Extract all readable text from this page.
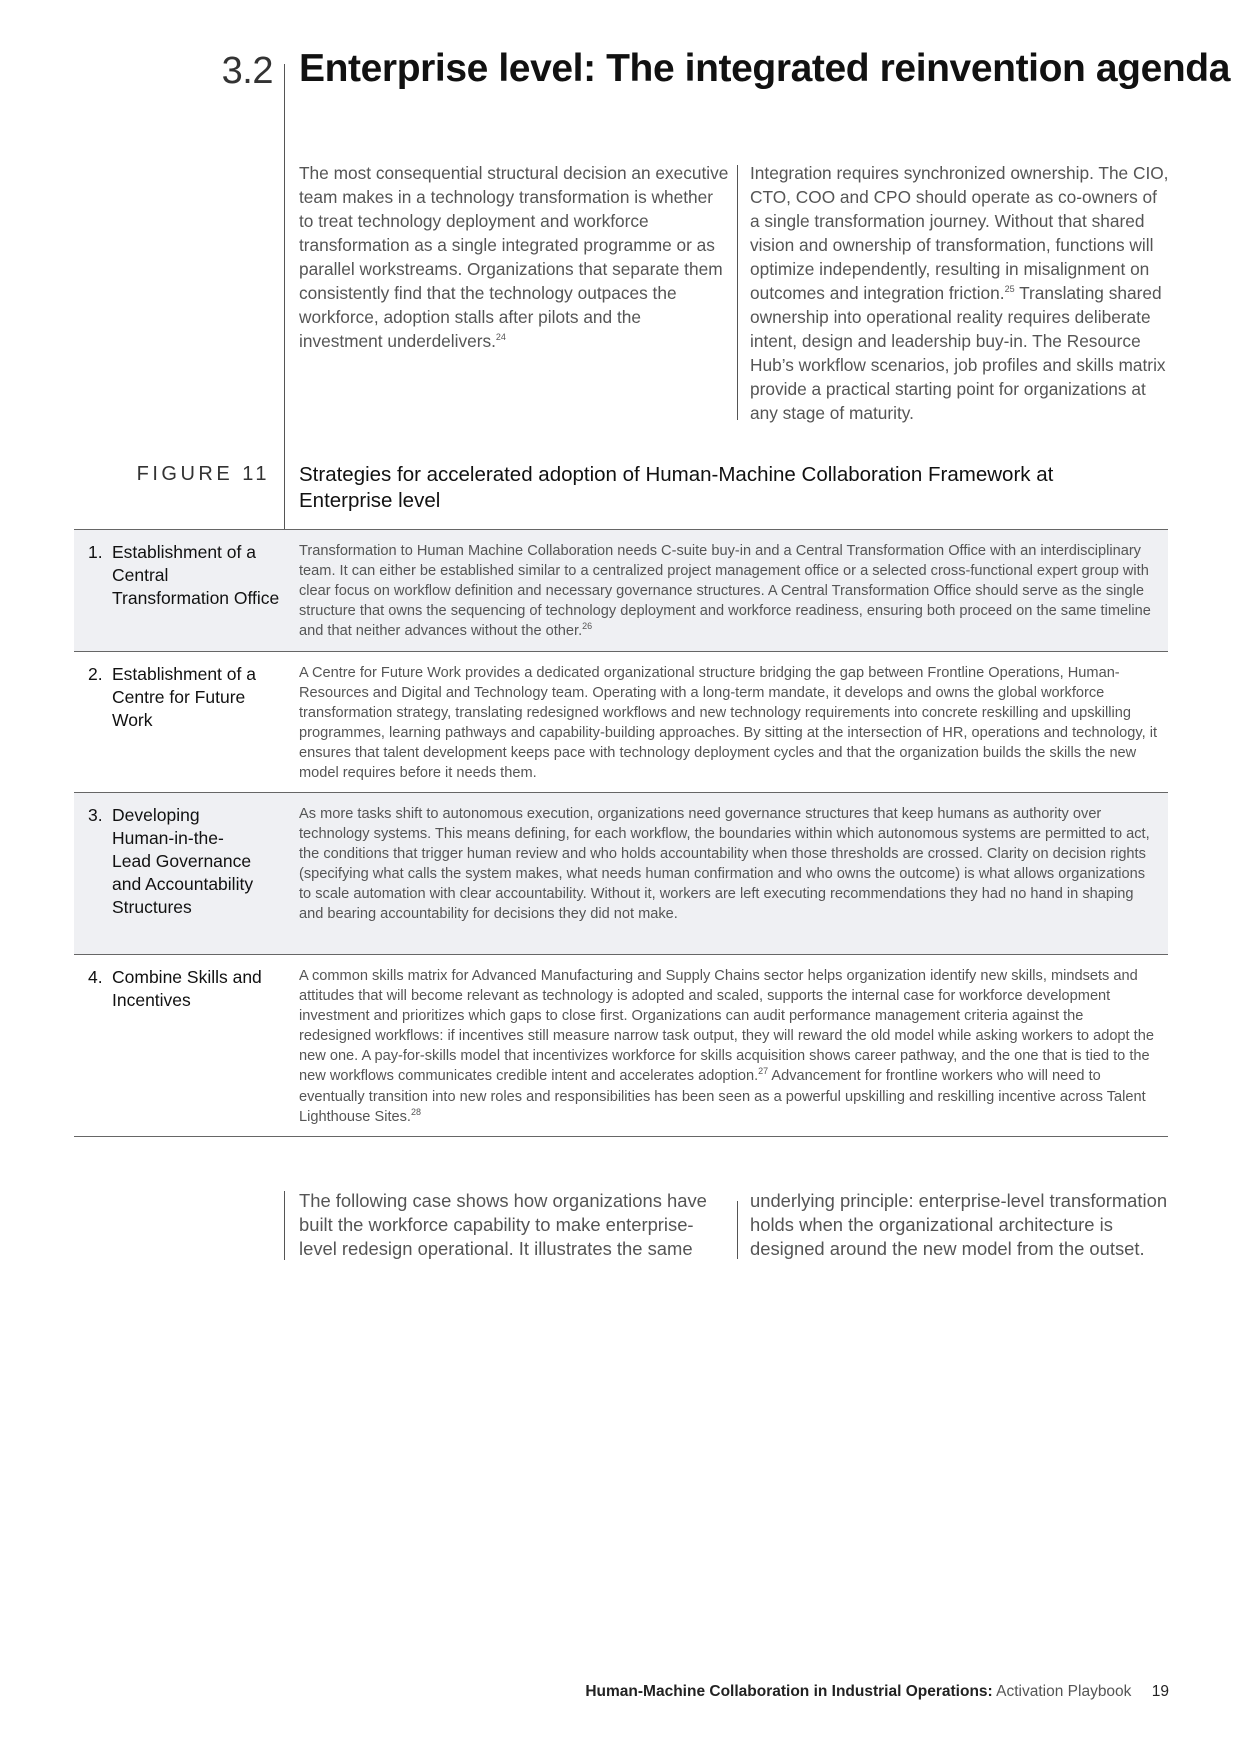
3.2 Enterprise level: The integrated reinvention agenda
The most consequential structural decision an executive team makes in a technology transformation is whether to treat technology deployment and workforce transformation as a single integrated programme or as parallel workstreams. Organizations that separate them consistently find that the technology outpaces the workforce, adoption stalls after pilots and the investment underdelivers.$^{24}$
Integration requires synchronized ownership. The CIO, CTO, COO and CPO should operate as co-owners of a single transformation journey. Without that shared vision and ownership of transformation, functions will optimize independently, resulting in misalignment on outcomes and integration friction.$^{25}$ Translating shared ownership into operational reality requires deliberate intent, design and leadership buy-in. The Resource Hub’s workflow scenarios, job profiles and skills matrix provide a practical starting point for organizations at any stage of maturity.
FIGURE 11 Strategies for accelerated adoption of Human-Machine Collaboration Framework at Enterprise level
1. Establishment of a Central Transformation Office
Transformation to Human Machine Collaboration needs C-suite buy-in and a Central Transformation Office with an interdisciplinary team. It can either be established similar to a centralized project management office or a selected cross-functional expert group with clear focus on workflow definition and necessary governance structures. A Central Transformation Office should serve as the single structure that owns the sequencing of technology deployment and workforce readiness, ensuring both proceed on the same timeline and that neither advances without the other.$^{26}$
2. Establishment of a Centre for Future Work
A Centre for Future Work provides a dedicated organizational structure bridging the gap between Frontline Operations, Human-Resources and Digital and Technology team. Operating with a long-term mandate, it develops and owns the global workforce transformation strategy, translating redesigned workflows and new technology requirements into concrete reskilling and upskilling programmes, learning pathways and capability-building approaches. By sitting at the intersection of HR, operations and technology, it ensures that talent development keeps pace with technology deployment cycles and that the organization builds the skills the new model requires before it needs them.
3. Developing Human-in-the-Lead Governance and Accountability Structures
As more tasks shift to autonomous execution, organizations need governance structures that keep humans as authority over technology systems. This means defining, for each workflow, the boundaries within which autonomous systems are permitted to act, the conditions that trigger human review and who holds accountability when those thresholds are crossed. Clarity on decision rights (specifying what calls the system makes, what needs human confirmation and who owns the outcome) is what allows organizations to scale automation with clear accountability. Without it, workers are left executing recommendations they had no hand in shaping and bearing accountability for decisions they did not make.
4. Combine Skills and Incentives
A common skills matrix for Advanced Manufacturing and Supply Chains sector helps organization identify new skills, mindsets and attitudes that will become relevant as technology is adopted and scaled, supports the internal case for workforce development investment and prioritizes which gaps to close first. Organizations can audit performance management criteria against the redesigned workflows: if incentives still measure narrow task output, they will reward the old model while asking workers to adopt the new one. A pay-for-skills model that incentivizes workforce for skills acquisition shows career pathway, and the one that is tied to the new workflows communicates credible intent and accelerates adoption.$^{27}$ Advancement for frontline workers who will need to eventually transition into new roles and responsibilities has been seen as a powerful upskilling and reskilling incentive across Talent Lighthouse Sites.$^{28}$
The following case shows how organizations have built the workforce capability to make enterprise-level redesign operational. It illustrates the same
underlying principle: enterprise-level transformation holds when the organizational architecture is designed around the new model from the outset.
Human-Machine Collaboration in Industrial Operations: Activation Playbook 19
